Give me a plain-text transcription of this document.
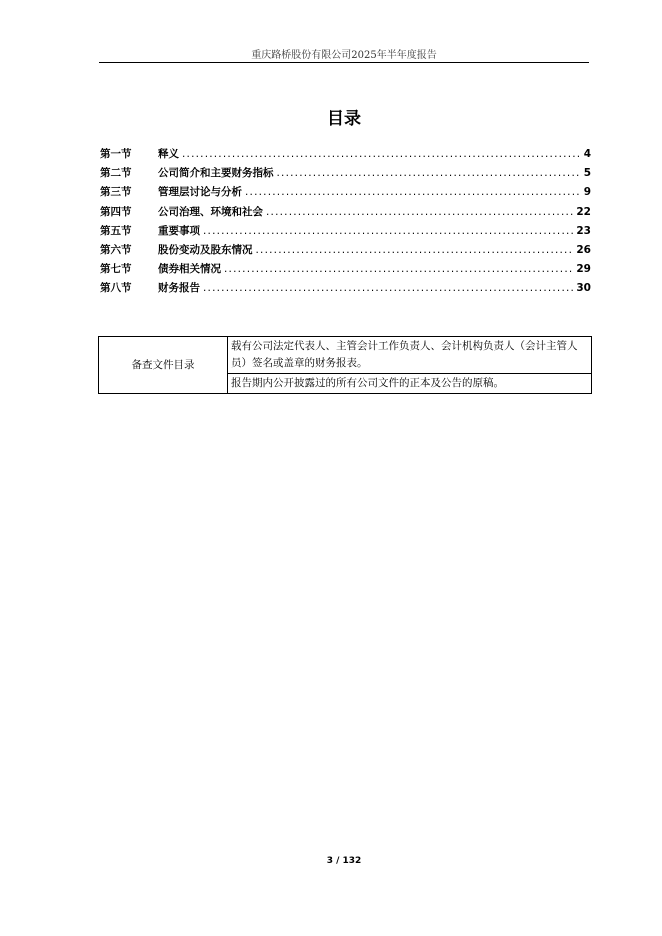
重庆路桥股份有限公司2025年半年度报告
目录
第一节	释义 .....	4
第二节	公司简介和主要财务指标 .....	5
第三节	管理层讨论与分析 .....	9
第四节	公司治理、环境和社会 .....	22
第五节	重要事项 .....	23
第六节	股份变动及股东情况 .....	26
第七节	债券相关情况 .....	29
第八节	财务报告 .....	30
备查文件目录	载有公司法定代表人、主管会计工作负责人、会计机构负责人（会计主管人员）签名或盖章的财务报表。
报告期内公开披露过的所有公司文件的正本及公告的原稿。
3 / 132
